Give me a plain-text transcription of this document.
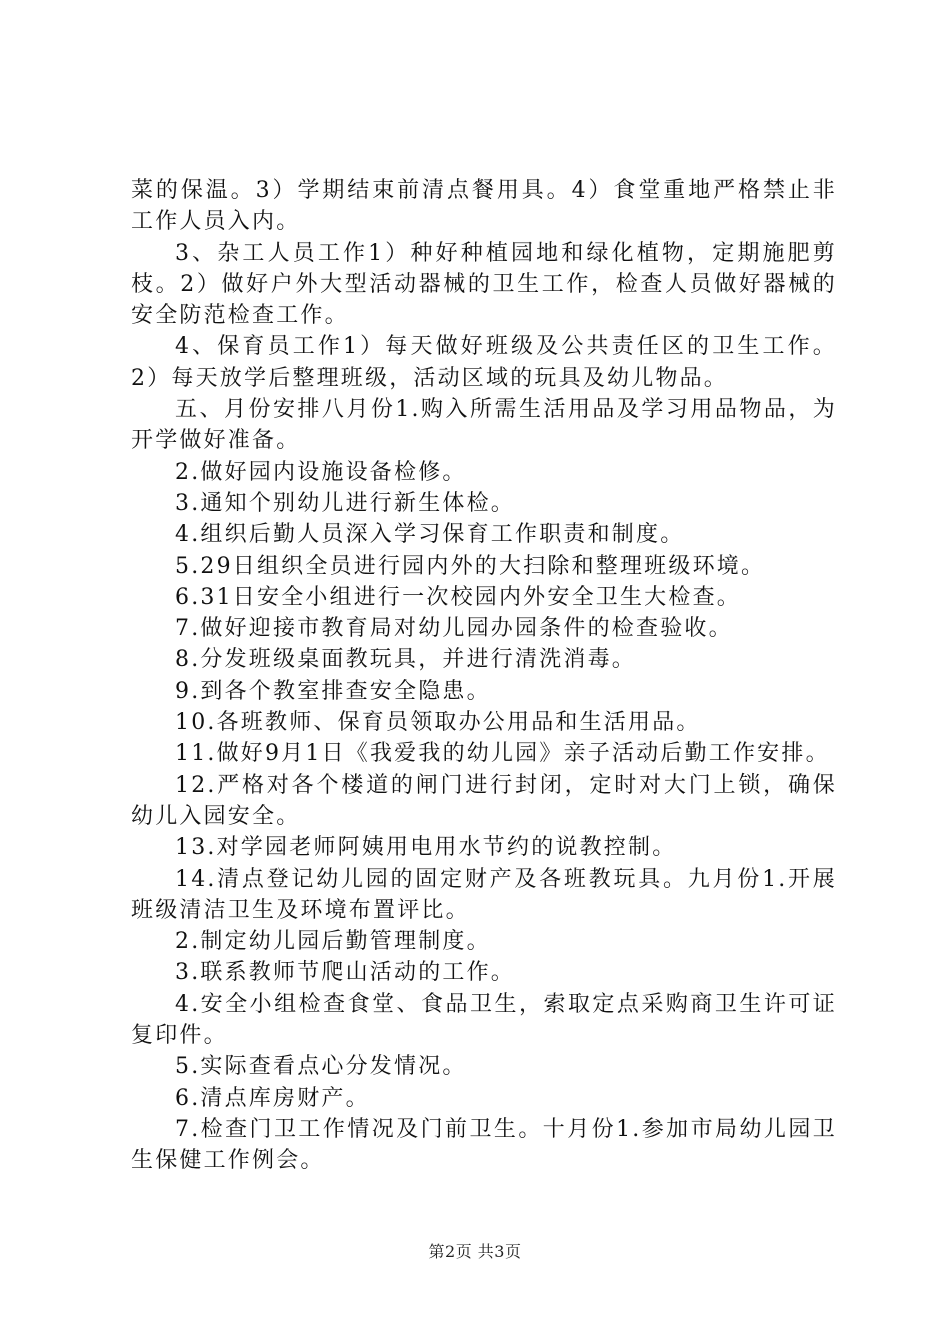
菜的保温。3）学期结束前清点餐用具。4）食堂重地严格禁止非工作人员入内。

3、杂工人员工作1）种好种植园地和绿化植物，定期施肥剪枝。2）做好户外大型活动器械的卫生工作，检查人员做好器械的安全防范检查工作。

4、保育员工作1）每天做好班级及公共责任区的卫生工作。2）每天放学后整理班级，活动区域的玩具及幼儿物品。

五、月份安排八月份1.购入所需生活用品及学习用品物品，为开学做好准备。

2.做好园内设施设备检修。

3.通知个别幼儿进行新生体检。

4.组织后勤人员深入学习保育工作职责和制度。

5.29日组织全员进行园内外的大扫除和整理班级环境。

6.31日安全小组进行一次校园内外安全卫生大检查。

7.做好迎接市教育局对幼儿园办园条件的检查验收。

8.分发班级桌面教玩具，并进行清洗消毒。

9.到各个教室排查安全隐患。

10.各班教师、保育员领取办公用品和生活用品。

11.做好9月1日《我爱我的幼儿园》亲子活动后勤工作安排。

12.严格对各个楼道的闸门进行封闭，定时对大门上锁，确保幼儿入园安全。

13.对学园老师阿姨用电用水节约的说教控制。

14.清点登记幼儿园的固定财产及各班教玩具。九月份1.开展班级清洁卫生及环境布置评比。

2.制定幼儿园后勤管理制度。

3.联系教师节爬山活动的工作。

4.安全小组检查食堂、食品卫生，索取定点采购商卫生许可证复印件。

5.实际查看点心分发情况。

6.清点库房财产。

7.检查门卫工作情况及门前卫生。十月份1.参加市局幼儿园卫生保健工作例会。

第2页 共3页
